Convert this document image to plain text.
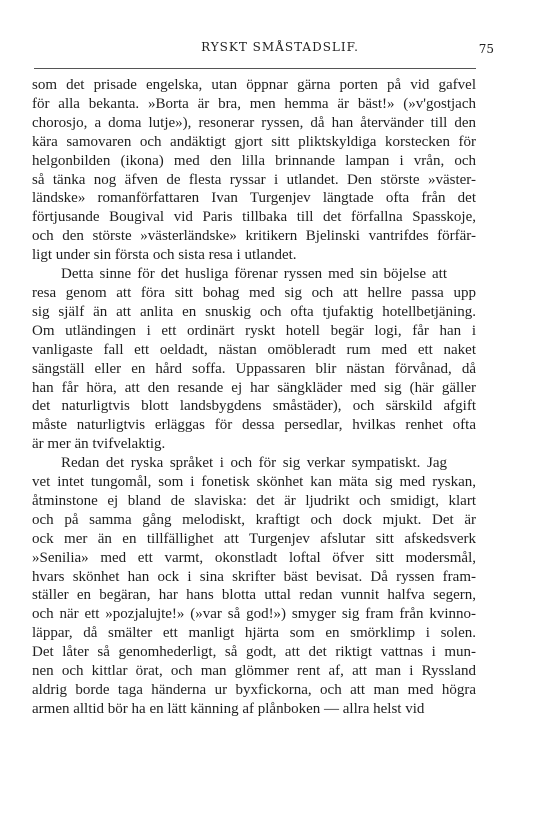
RYSKT SMÅSTADSLIF.	75
som det prisade engelska, utan öppnar gärna porten på vid gafvel
för alla bekanta. »Borta är bra, men hemma är bäst!» (»v'gostjach
chorosjo, a doma lutje»), resonerar ryssen, då han återvänder till den
kära samovaren och andäktigt gjort sitt pliktskyldiga korstecken för
helgonbilden (ikona) med den lilla brinnande lampan i vrån, och
så tänka nog äfven de flesta ryssar i utlandet. Den störste »väster-
ländske» romanförfattaren Ivan Turgenjev längtade ofta från det
förtjusande Bougival vid Paris tillbaka till det förfallna Spasskoje,
och den störste »västerländske» kritikern Bjelinski vantrifdes förfär-
ligt under sin första och sista resa i utlandet.
Detta sinne för det husliga förenar ryssen med sin böjelse att
resa genom att föra sitt bohag med sig och att hellre passa upp
sig själf än att anlita en snuskig och ofta tjufaktig hotellbetjäning.
Om utländingen i ett ordinärt ryskt hotell begär logi, får han i
vanligaste fall ett oeldadt, nästan omöbleradt rum med ett naket
sängställ eller en hård soffa. Uppassaren blir nästan förvånad, då
han får höra, att den resande ej har sängkläder med sig (här gäller
det naturligtvis blott landsbygdens småstäder), och särskild afgift
måste naturligtvis erläggas för dessa persedlar, hvilkas renhet ofta
är mer än tvifvelaktig.
Redan det ryska språket i och för sig verkar sympatiskt. Jag
vet intet tungomål, som i fonetisk skönhet kan mäta sig med ryskan,
åtminstone ej bland de slaviska: det är ljudrikt och smidigt, klart
och på samma gång melodiskt, kraftigt och dock mjukt. Det är
ock mer än en tillfällighet att Turgenjev afslutar sitt afskedsverk
»Senilia» med ett varmt, okonstladt loftal öfver sitt modersmål,
hvars skönhet han ock i sina skrifter bäst bevisat. Då ryssen fram-
ställer en begäran, har hans blotta uttal redan vunnit halfva segern,
och när ett »pozjalujte!» (»var så god!») smyger sig fram från kvinno-
läppar, då smälter ett manligt hjärta som en smörklimp i solen.
Det låter så genomhederligt, så godt, att det riktigt vattnas i mun-
nen och kittlar örat, och man glömmer rent af, att man i Ryssland
aldrig borde taga händerna ur byxfickorna, och att man med högra
armen alltid bör ha en lätt känning af plånboken — allra helst vid
